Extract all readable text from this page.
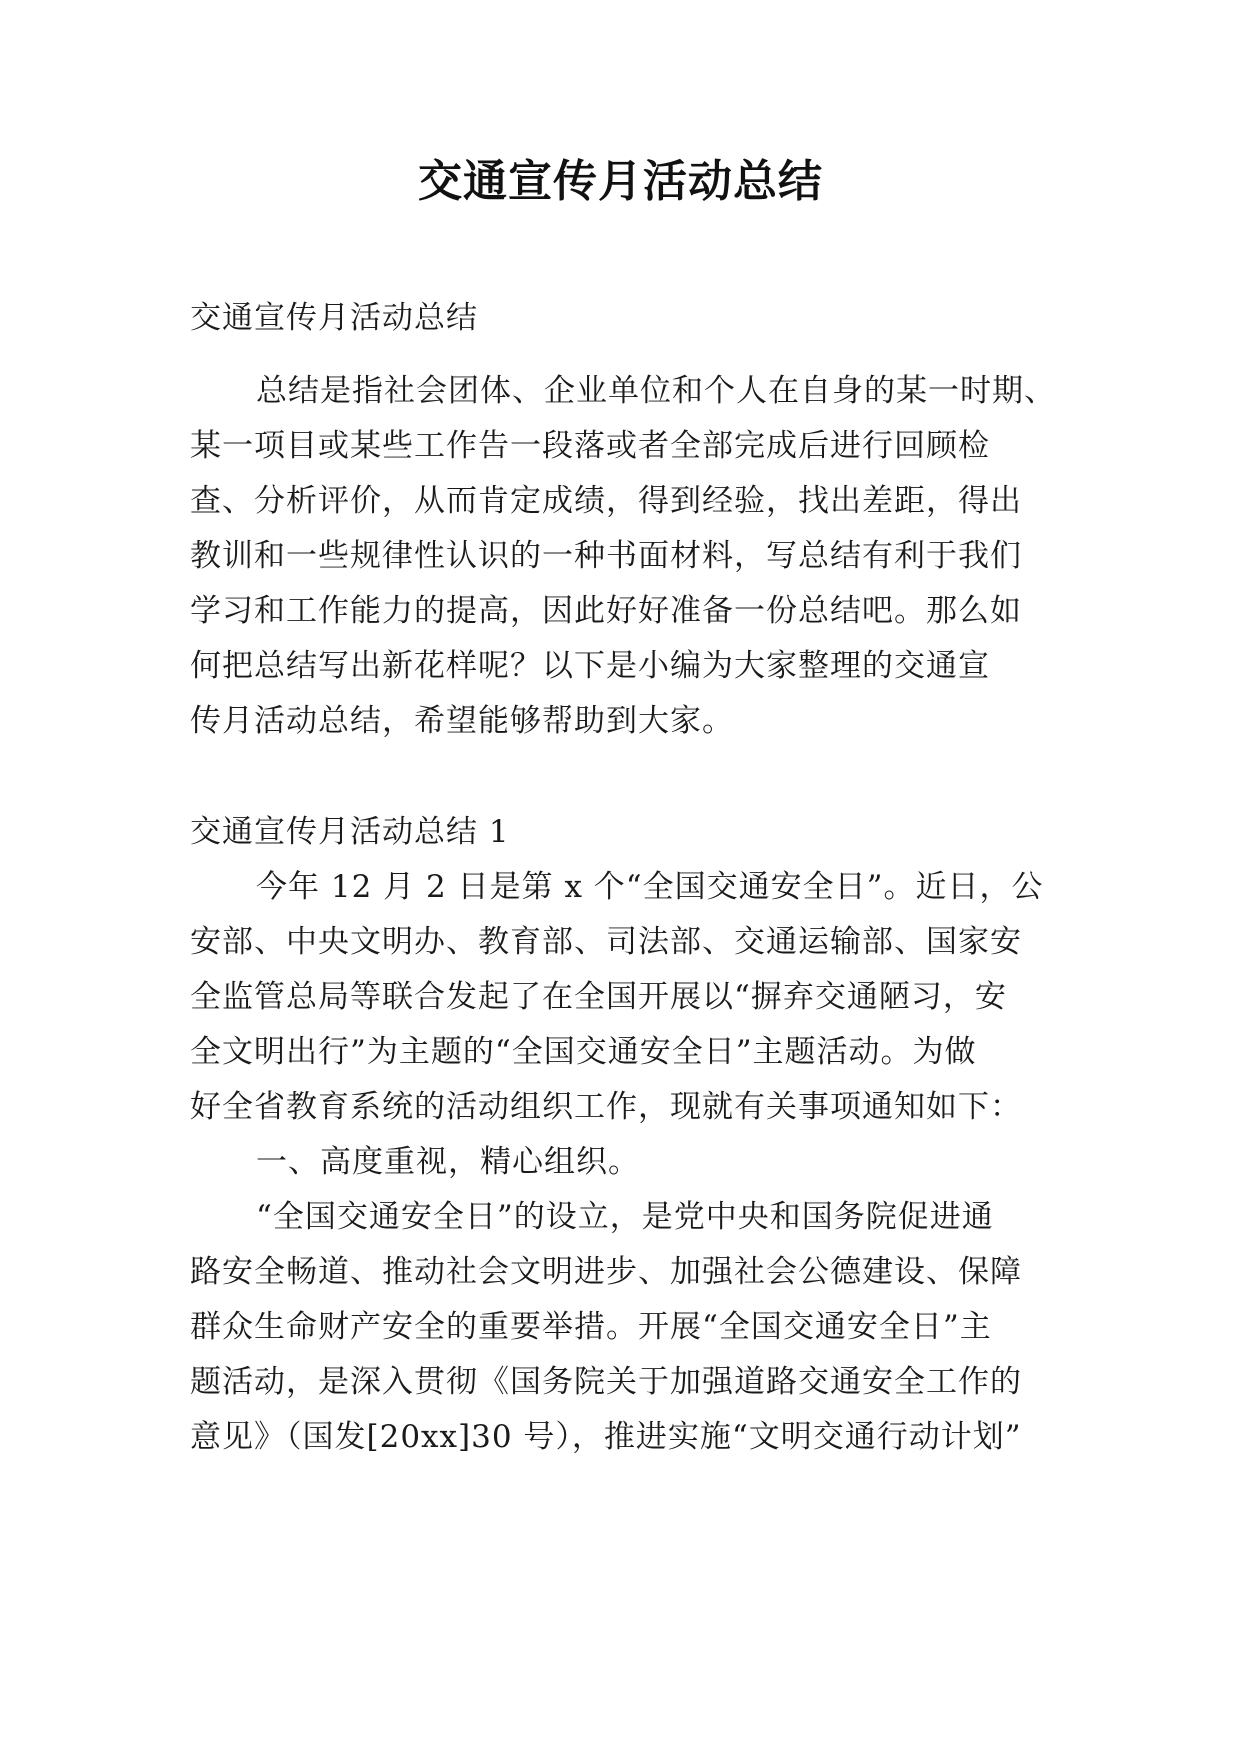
交通宣传月活动总结
交通宣传月活动总结
总结是指社会团体、企业单位和个人在自身的某一时期、
某一项目或某些工作告一段落或者全部完成后进行回顾检
查、分析评价，从而肯定成绩，得到经验，找出差距，得出
教训和一些规律性认识的一种书面材料，写总结有利于我们
学习和工作能力的提高，因此好好准备一份总结吧。那么如
何把总结写出新花样呢？以下是小编为大家整理的交通宣
传月活动总结，希望能够帮助到大家。
交通宣传月活动总结 1
今年 12 月 2 日是第 x 个“全国交通安全日”。近日，公
安部、中央文明办、教育部、司法部、交通运输部、国家安
全监管总局等联合发起了在全国开展以“摒弃交通陋习，安
全文明出行”为主题的“全国交通安全日”主题活动。为做
好全省教育系统的活动组织工作，现就有关事项通知如下：
一、高度重视，精心组织。
“全国交通安全日”的设立，是党中央和国务院促进通
路安全畅道、推动社会文明进步、加强社会公德建设、保障
群众生命财产安全的重要举措。开展“全国交通安全日”主
题活动，是深入贯彻《国务院关于加强道路交通安全工作的
意见》（国发[20xx]30 号），推进实施“文明交通行动计划”
